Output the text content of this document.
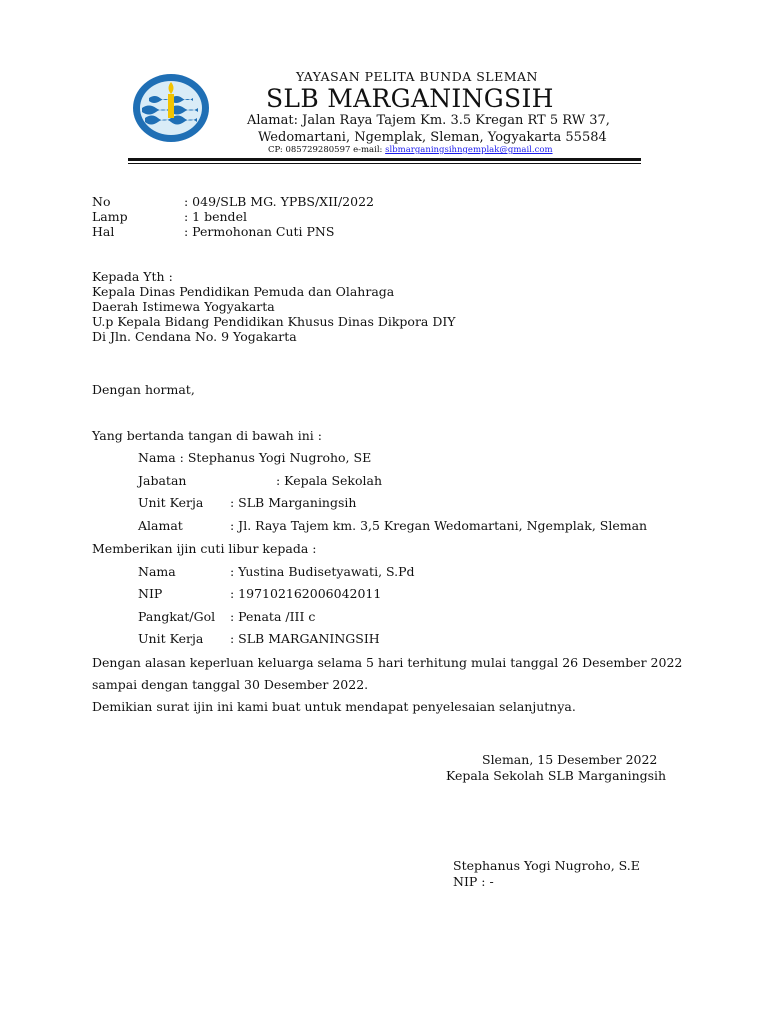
YAYASAN PELITA BUNDA SLEMAN
SLB MARGANINGSIH
Alamat: Jalan Raya Tajem Km. 3.5 Kregan RT 5 RW 37,
Wedomartani, Ngemplak, Sleman, Yogyakarta 55584
CP: 085729280597 e-mail: slbmarganingsihngemplak@gmail.com
No	: 049/SLB MG. YPBS/XII/2022
Lamp	: 1 bendel
Hal	: Permohonan Cuti PNS
Kepada Yth :
Kepala Dinas Pendidikan Pemuda dan Olahraga
Daerah Istimewa Yogyakarta
U.p Kepala Bidang Pendidikan Khusus Dinas Dikpora DIY
Di Jln. Cendana No. 9 Yogakarta
Dengan hormat,
Yang bertanda tangan di bawah ini :
Nama : Stephanus Yogi Nugroho, SE
Jabatan	: Kepala Sekolah
Unit Kerja : SLB Marganingsih
Alamat	: Jl. Raya Tajem km. 3,5 Kregan Wedomartani, Ngemplak, Sleman
Memberikan ijin cuti libur kepada :
Nama	: Yustina Budisetyawati, S.Pd
NIP	: 197102162006042011
Pangkat/Gol : Penata /III c
Unit Kerja : SLB MARGANINGSIH
Dengan alasan keperluan keluarga selama 5 hari terhitung mulai tanggal 26 Desember 2022
sampai dengan tanggal 30 Desember 2022.
Demikian surat ijin ini kami buat untuk mendapat penyelesaian selanjutnya.
Sleman, 15 Desember 2022
Kepala Sekolah SLB Marganingsih
Stephanus Yogi Nugroho, S.E
NIP : -
